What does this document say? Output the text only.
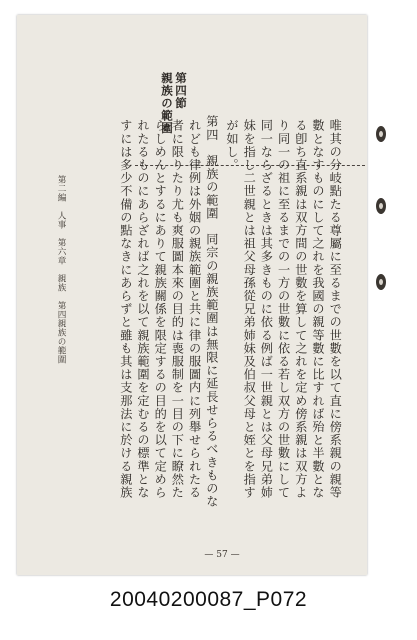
第四節
親族の範圍
唯其の分岐點たる尊屬に至るまでの世數を以て直に傍系親の親等
數となすものにして之れを我國の親等數に比すれば殆と半數とな
る卽ち直系親は双方間の世數を算して之れを定め傍系親は双方よ
り同一の祖に至るまでの一方の世數に依る若し双方の世數にして
同一ならざるときは其多きものに依る例ば一世親とは父母兄弟姉
妹を指し二世親とは祖父母孫從兄弟姉妹及伯叔父母と姪とを指す
が如し。
第四　親族の範圍　同宗の親族範圍は無限に延長せらるべきものな
れども律例は外姻の親族範圍と共に律の服圖内に列舉せられたる
者に限りたり尤も爽服圖本來の目的は喪服制を一目の下に瞭然た
らしめんとするにありて親族關係を限定するの目的を以て定めら
れたるものにあらざれば之れを以て親族範圍を定むるの標準とな
すには多少不備の點なきにあらずと雖も其は支那法に於ける親族
第二編　人事　第六章　親族　第四親族の範圍
— 57 —
20040200087_P072
